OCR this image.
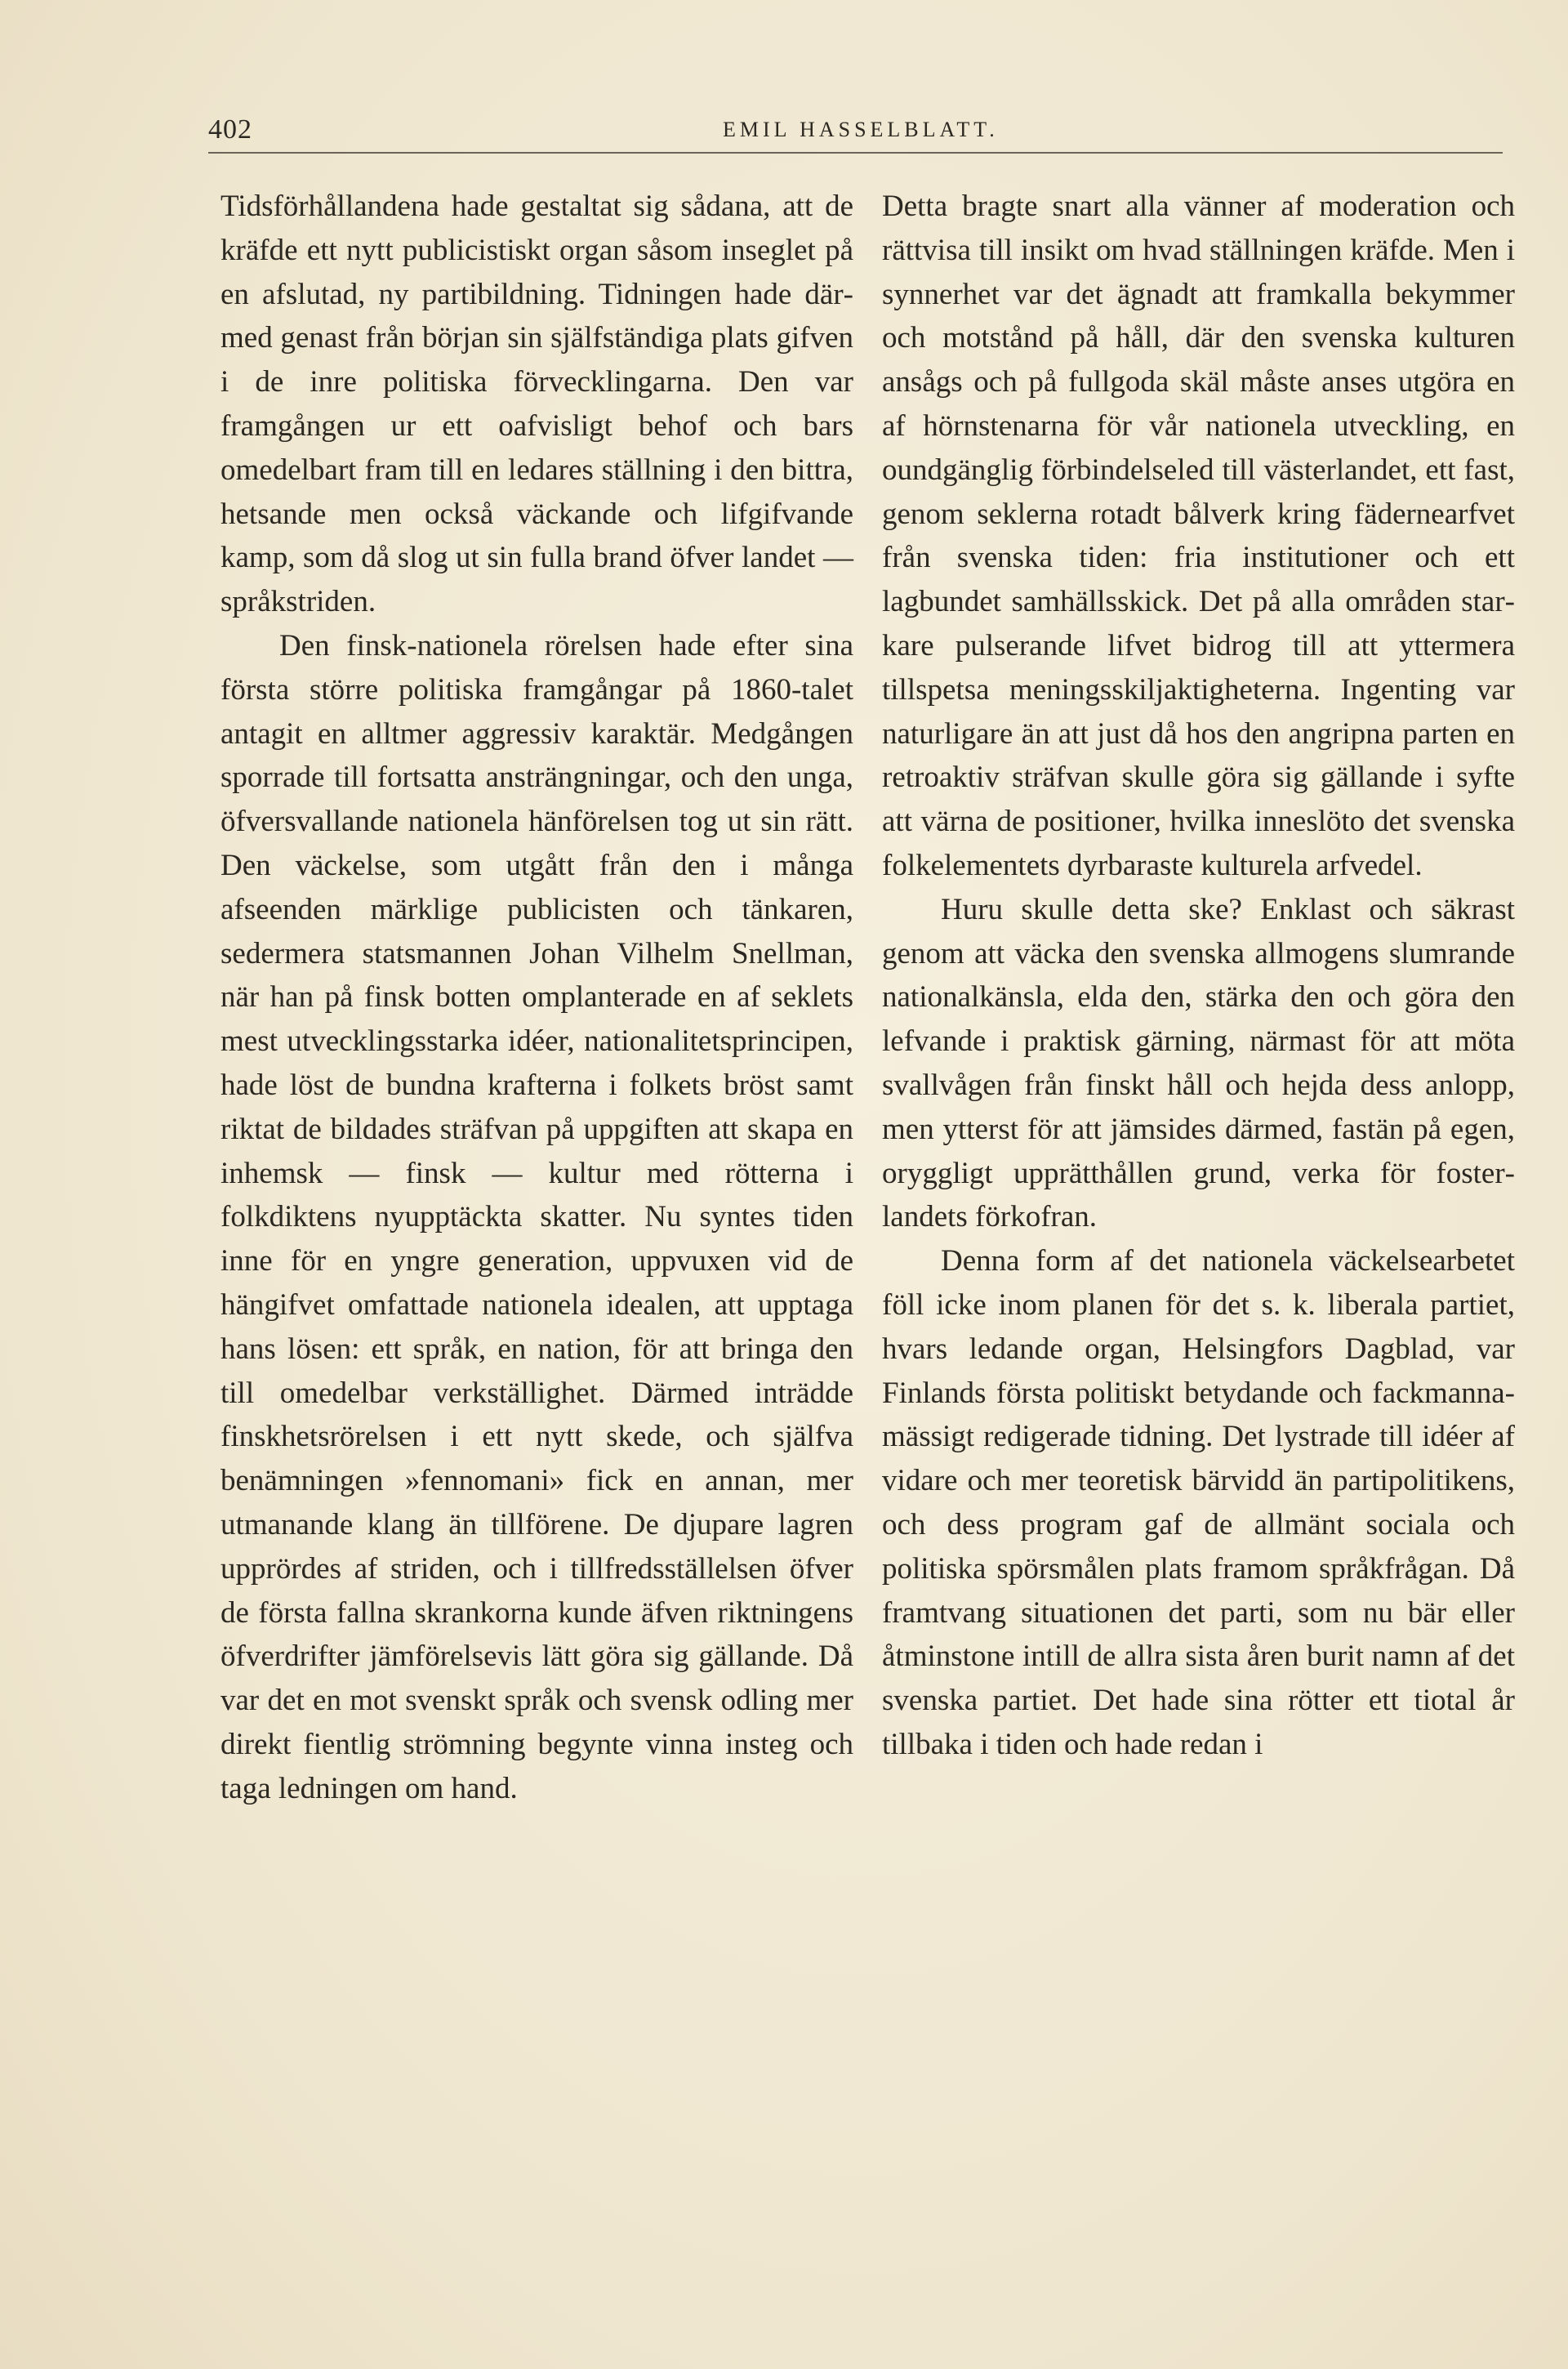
402	EMIL HASSELBLATT.

Tidsförhållandena hade gestaltat sig sådana, att de kräfde ett nytt publicistiskt organ såsom inseglet på en afslutad, ny partibildning. Tidningen hade därmed genast från början sin själfständiga plats gifven i de inre politiska förvecklingarna. Den var framgången ur ett oafvisligt behof och bars omedelbart fram till en ledares ställning i den bittra, hetsande men också väckande och lifgifvande kamp, som då slog ut sin fulla brand öfver landet — språkstriden.

Den finsk-nationela rörelsen hade efter sina första större politiska framgångar på 1860-talet antagit en alltmer aggressiv karaktär. Medgången sporrade till fortsatta ansträngningar, och den unga, öfversvallande nationela hänförelsen tog ut sin rätt. Den väckelse, som utgått från den i många afseenden märklige publicisten och tänkaren, sedermera statsmannen Johan Vilhelm Snellman, när han på finsk botten omplanterade en af seklets mest utvecklingsstarka idéer, nationalitetsprincipen, hade löst de bundna krafterna i folkets bröst samt riktat de bildades sträfvan på uppgiften att skapa en inhemsk — finsk — kultur med rötterna i folkdiktens nyupptäckta skatter. Nu syntes tiden inne för en yngre generation, uppvuxen vid de hängifvet omfattade nationela idealen, att upptaga hans lösen: ett språk, en nation, för att bringa den till omedelbar verkställighet. Därmed inträdde finskhetsrörelsen i ett nytt skede, och själfva benämningen »fennomani» fick en annan, mer utmanande klang än tillförene. De djupare lagren upprördes af striden, och i tillfredsställelsen öfver de första fallna skrankorna kunde äfven riktningens öfverdrifter jämförelsevis lätt göra sig gällande. Då var det en mot svenskt språk och svensk odling mer direkt fientlig strömning begynte vinna insteg och taga ledningen om hand.

Detta bragte snart alla vänner af moderation och rättvisa till insikt om hvad ställningen kräfde. Men i synnerhet var det ägnadt att framkalla bekymmer och motstånd på håll, där den svenska kulturen ansågs och på fullgoda skäl måste anses utgöra en af hörnstenarna för vår nationela utveckling, en oundgänglig förbindelseled till västerlandet, ett fast, genom seklerna rotadt bålverk kring fädernearfvet från svenska tiden: fria institutioner och ett lagbundet samhällsskick. Det på alla områden starkare pulserande lifvet bidrog till att yttermera tillspetsa meningsskiljaktigheterna. Ingenting var naturligare än att just då hos den angripna parten en retroaktiv sträfvan skulle göra sig gällande i syfte att värna de positioner, hvilka inneslöto det svenska folkelementets dyrbaraste kulturela arfvedel.

Huru skulle detta ske? Enklast och säkrast genom att väcka den svenska allmogens slumrande nationalkänsla, elda den, stärka den och göra den lefvande i praktisk gärning, närmast för att möta svallvågen från finskt håll och hejda dess anlopp, men ytterst för att jämsides därmed, fastän på egen, oryggligt upprätthållen grund, verka för fosterlandets förkofran.

Denna form af det nationela väckelsearbetet föll icke inom planen för det s. k. liberala partiet, hvars ledande organ, Helsingfors Dagblad, var Finlands första politiskt betydande och fackmannamässigt redigerade tidning. Det lystrade till idéer af vidare och mer teoretisk bärvidd än partipolitikens, och dess program gaf de allmänt sociala och politiska spörsmålen plats framom språkfrågan. Då framtvang situationen det parti, som nu bär eller åtminstone intill de allra sista åren burit namn af det svenska partiet. Det hade sina rötter ett tiotal år tillbaka i tiden och hade redan i
